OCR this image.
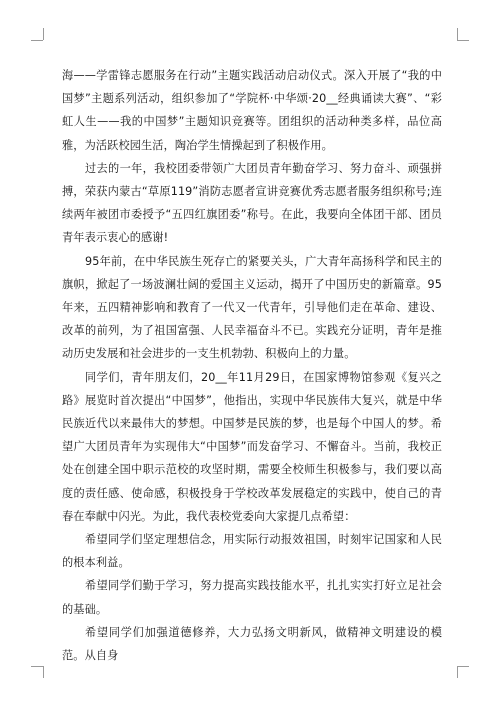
海——学雷锋志愿服务在行动”主题实践活动启动仪式。深入开展了“我的中国梦”主题系列活动，组织参加了“学院杯·中华颂·20__经典诵读大赛”、“彩虹人生——我的中国梦”主题知识竞赛等。团组织的活动种类多样，品位高雅，为活跃校园生活，陶冶学生情操起到了积极作用。

过去的一年，我校团委带领广大团员青年勤奋学习、努力奋斗、顽强拼搏，荣获内蒙古“草原119”消防志愿者宣讲竞赛优秀志愿者服务组织称号;连续两年被团市委授予“五四红旗团委”称号。在此，我要向全体团干部、团员青年表示衷心的感谢!

95年前，在中华民族生死存亡的紧要关头，广大青年高扬科学和民主的旗帜，掀起了一场波澜壮阔的爱国主义运动，揭开了中国历史的新篇章。95年来，五四精神影响和教育了一代又一代青年，引导他们走在革命、建设、改革的前列，为了祖国富强、人民幸福奋斗不已。实践充分证明，青年是推动历史发展和社会进步的一支生机勃勃、积极向上的力量。

同学们，青年朋友们，20__年11月29日，在国家博物馆参观《复兴之路》展览时首次提出“中国梦”，他指出，实现中华民族伟大复兴，就是中华民族近代以来最伟大的梦想。中国梦是民族的梦，也是每个中国人的梦。希望广大团员青年为实现伟大“中国梦”而发奋学习、不懈奋斗。当前，我校正处在创建全国中职示范校的攻坚时期，需要全校师生积极参与，我们要以高度的责任感、使命感，积极投身于学校改革发展稳定的实践中，使自己的青春在奉献中闪光。为此，我代表校党委向大家提几点希望：

希望同学们坚定理想信念，用实际行动报效祖国，时刻牢记国家和人民的根本利益。

希望同学们勤于学习，努力提高实践技能水平，扎扎实实打好立足社会的基础。

希望同学们加强道德修养，大力弘扬文明新风，做精神文明建设的模范。从自身
